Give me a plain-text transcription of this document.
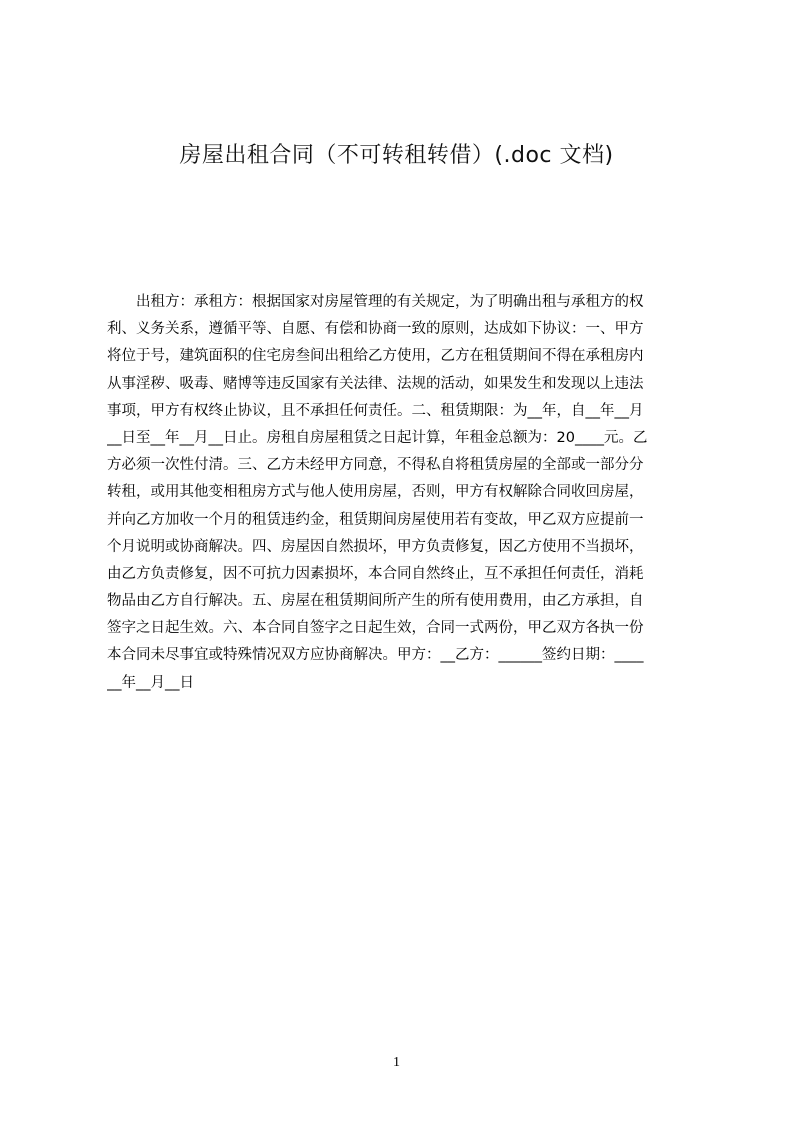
房屋出租合同（不可转租转借）(.doc 文档)
　　出租方：承租方：根据国家对房屋管理的有关规定，为了明确出租与承租方的权
利、义务关系，遵循平等、自愿、有偿和协商一致的原则，达成如下协议：一、甲方
将位于号，建筑面积的住宅房叁间出租给乙方使用，乙方在租赁期间不得在承租房内
从事淫秽、吸毒、赌博等违反国家有关法律、法规的活动，如果发生和发现以上违法
事项，甲方有权终止协议，且不承担任何责任。二、租赁期限：为__年，自__年__月
__日至__年__月__日止。房租自房屋租赁之日起计算，年租金总额为：20____元。乙
方必须一次性付清。三、乙方未经甲方同意，不得私自将租赁房屋的全部或一部分分
转租，或用其他变相租房方式与他人使用房屋，否则，甲方有权解除合同收回房屋，
并向乙方加收一个月的租赁违约金，租赁期间房屋使用若有变故，甲乙双方应提前一
个月说明或协商解决。四、房屋因自然损坏，甲方负责修复，因乙方使用不当损坏，
由乙方负责修复，因不可抗力因素损坏，本合同自然终止，互不承担任何责任，消耗
物品由乙方自行解决。五、房屋在租赁期间所产生的所有使用费用，由乙方承担，自
签字之日起生效。六、本合同自签字之日起生效，合同一式两份，甲乙双方各执一份
本合同未尽事宜或特殊情况双方应协商解决。甲方：__乙方：______签约日期：____
__年__月__日
1
